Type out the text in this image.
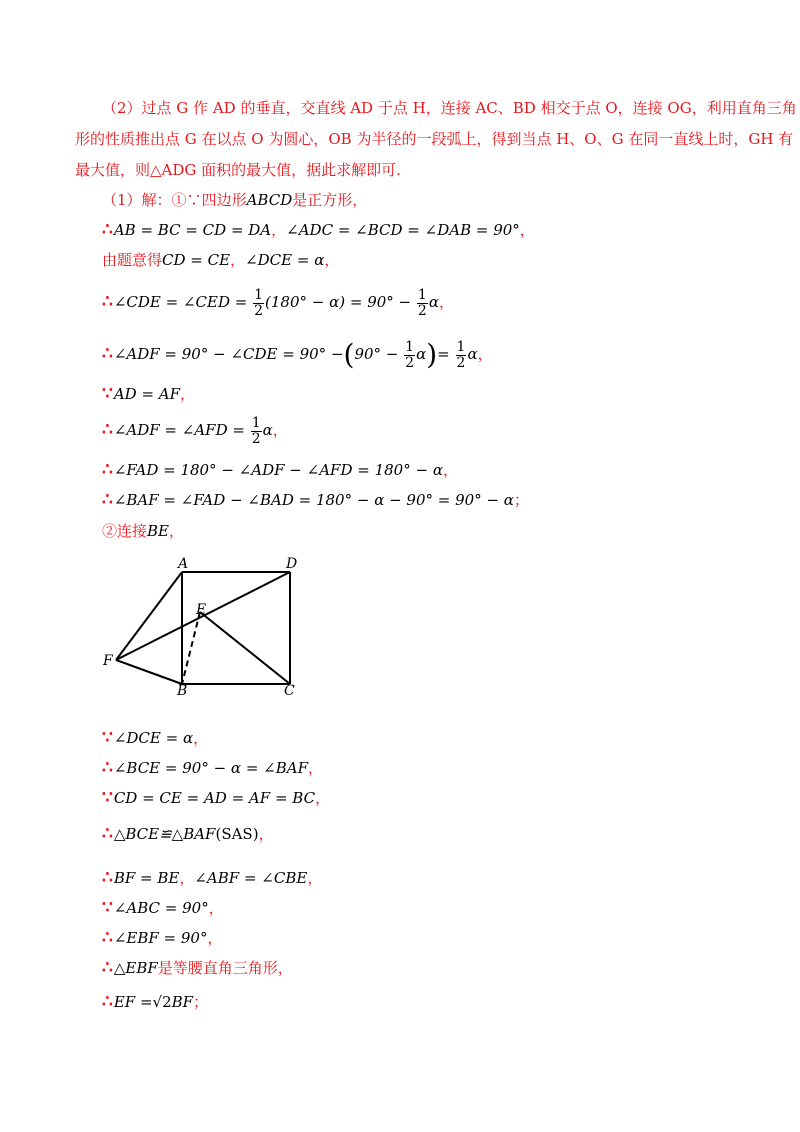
（2）过点 G 作 AD 的垂直，交直线 AD 于点 H，连接 AC、BD 相交于点 O，连接 OG，利用直角三角
形的性质推出点 G 在以点 O 为圆心，OB 为半径的一段弧上，得到当点 H、O、G 在同一直线上时，GH 有
最大值，则△ADG 面积的最大值，据此求解即可.
（1）解：①∵四边形ABCD是正方形，
∴ AB = BC = CD = DA，∠ADC = ∠BCD = ∠DAB = 90°，
由题意得CD = CE，∠DCE = α，
∴ ∠CDE = ∠CED = $\frac{1}{2} (180^\circ - \alpha) = 90^\circ - \frac{1}{2}$ α，
∴ ∠ADF = 90° − ∠CDE = $90^\circ -(90^\circ - \frac{1}{2} \alpha)= \frac{1}{2}$ α，
∵ AD = AF，
∴ ∠ADF = ∠AFD = $\frac{1}{2}$ α，
∴ ∠FAD = 180° − ∠ADF − ∠AFD = 180° − α，
∴ ∠BAF = ∠FAD − ∠BAD = 180° − α − 90° = 90° − α；
②连接BE，
A	D
E
F
B	C
∵ ∠DCE = α，
∴ ∠BCE = 90° − α = ∠BAF，
∵ CD = CE = AD = AF = BC，
∴ △BCE≌△BAF(SAS)，
∴ BF = BE，∠ABF = ∠CBE，
∵ ∠ABC = 90°，
∴ ∠EBF = 90°，
∴ △EBF是等腰直角三角形，
∴ EF =√2BF；
